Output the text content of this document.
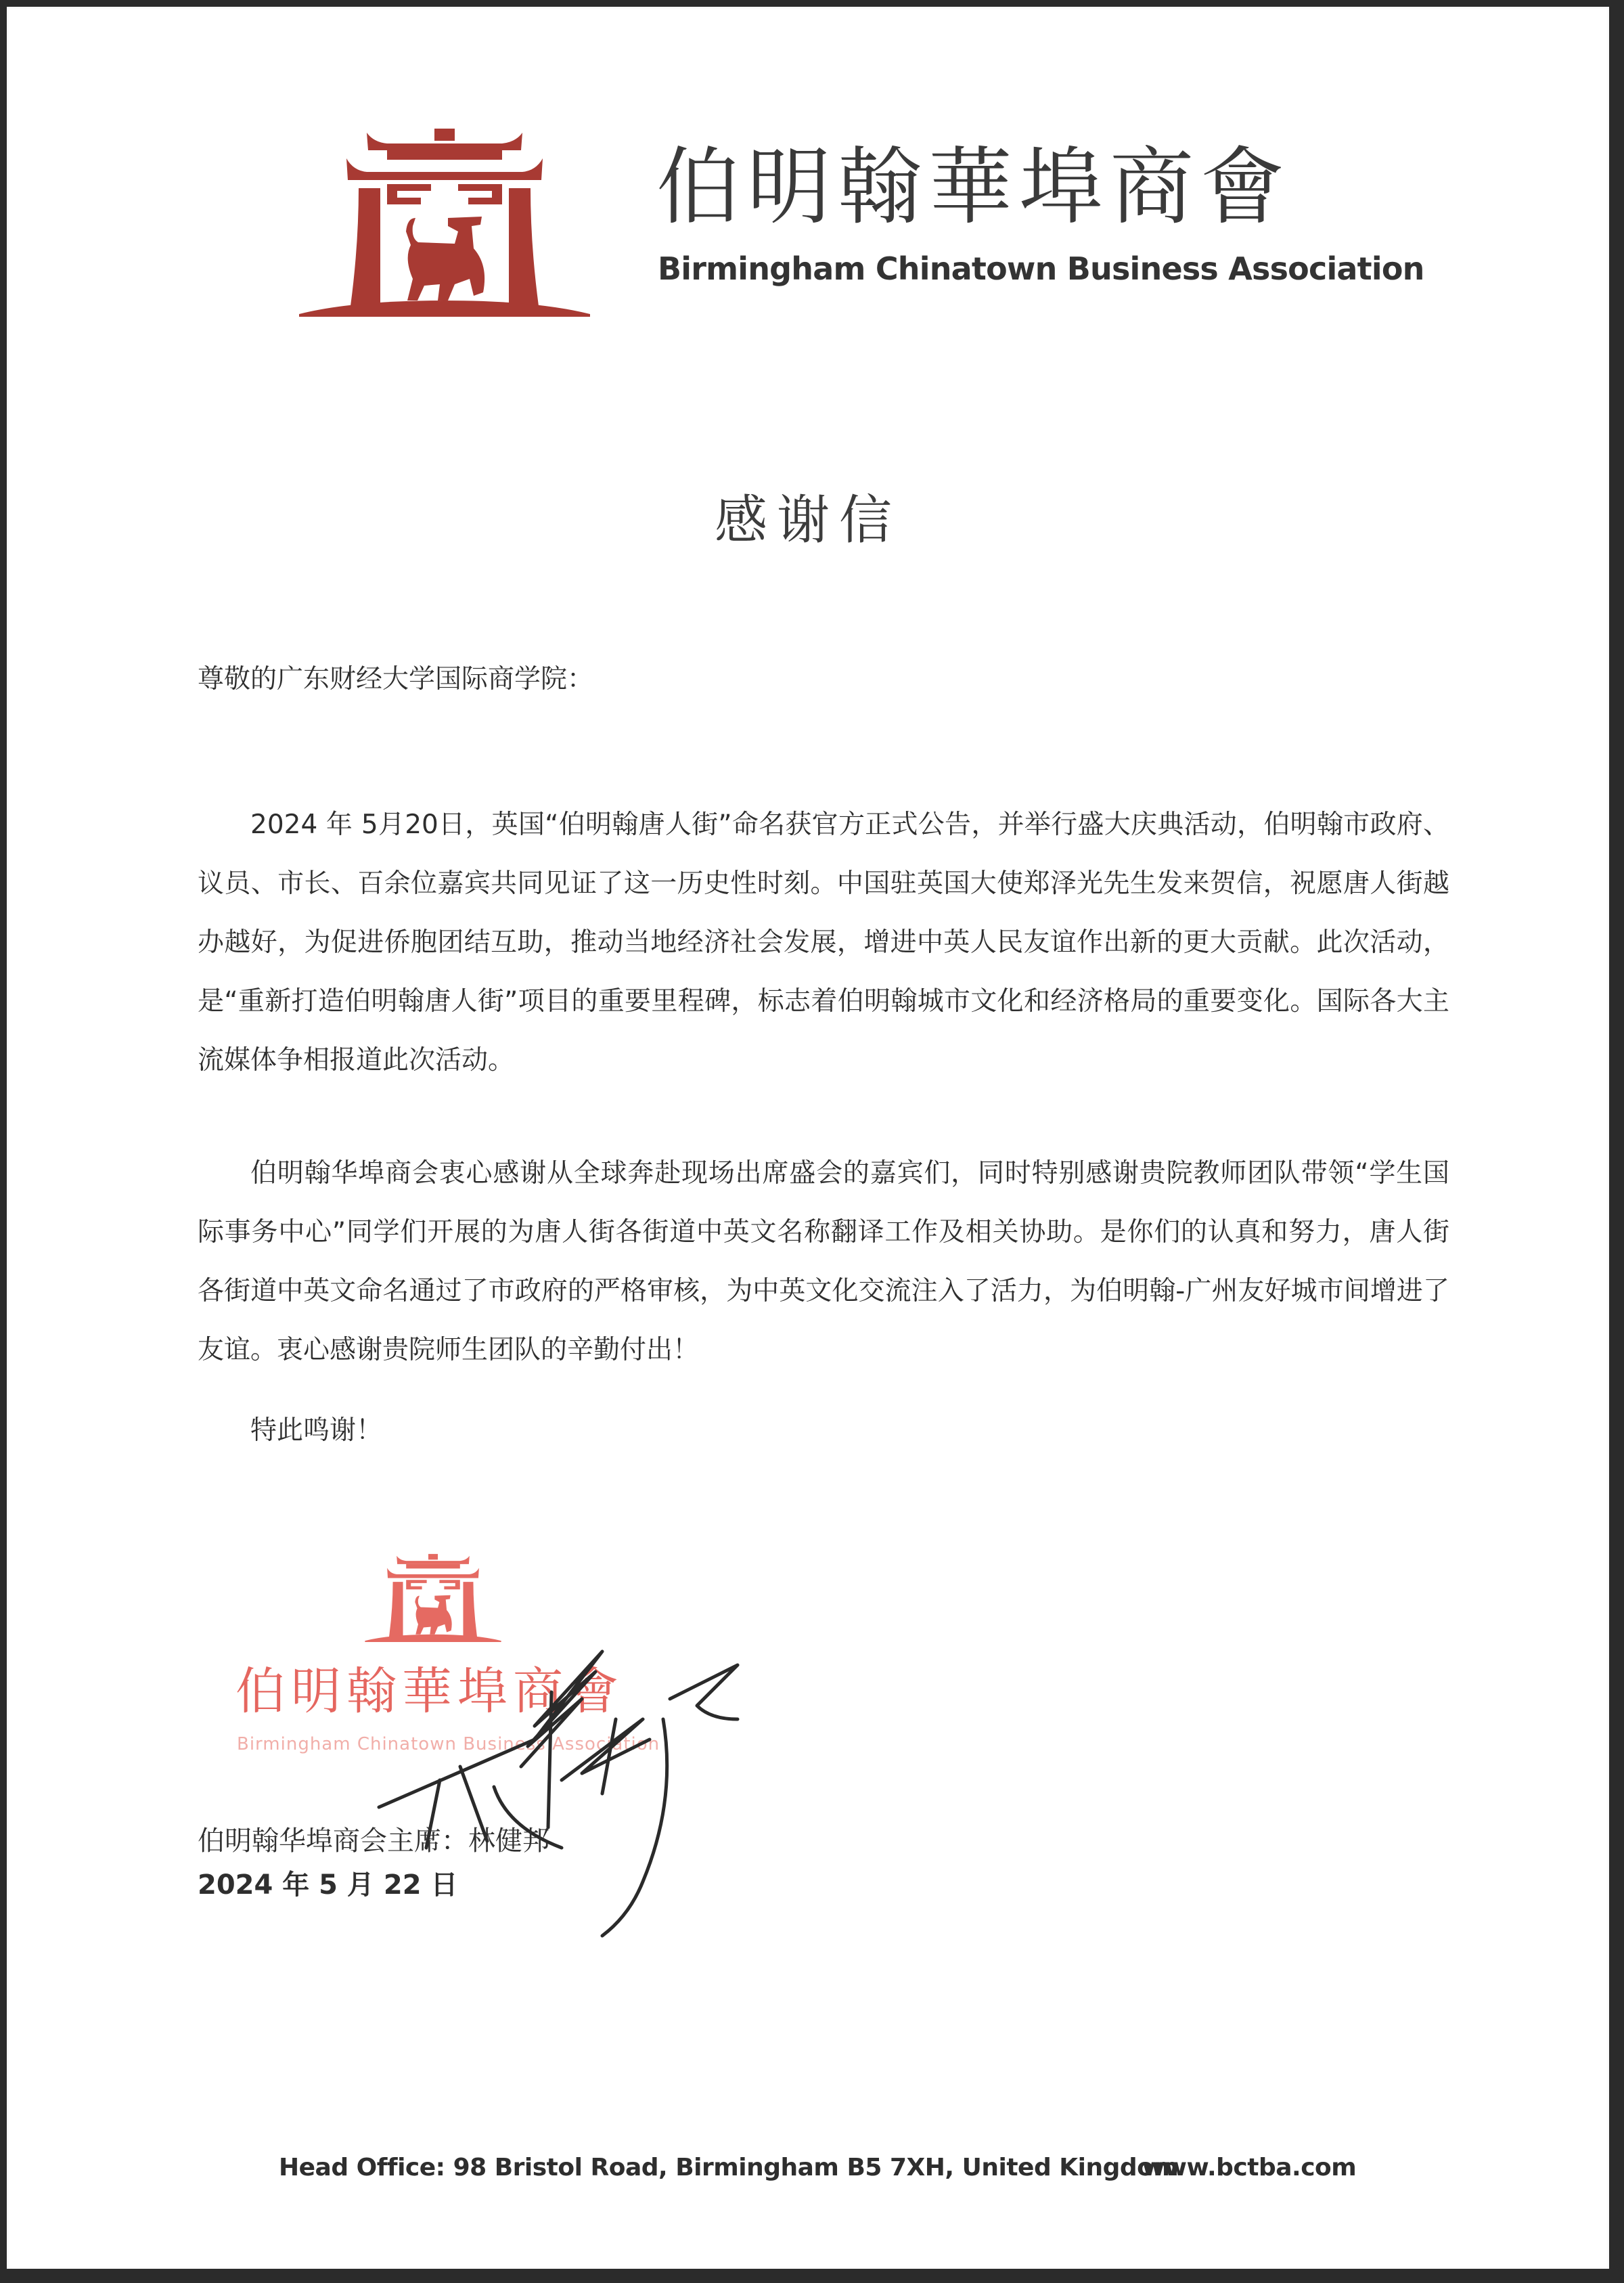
伯明翰華埠商會
Birmingham Chinatown Business Association
感谢信
尊敬的广东财经大学国际商学院：
2024 年 5月20日，英国“伯明翰唐人街”命名获官方正式公告，并举行盛大庆典活动，伯明翰市政府、议员、市长、百余位嘉宾共同见证了这一历史性时刻。中国驻英国大使郑泽光先生发来贺信，祝愿唐人街越办越好，为促进侨胞团结互助，推动当地经济社会发展，增进中英人民友谊作出新的更大贡献。此次活动，是“重新打造伯明翰唐人街”项目的重要里程碑，标志着伯明翰城市文化和经济格局的重要变化。国际各大主流媒体争相报道此次活动。
伯明翰华埠商会衷心感谢从全球奔赴现场出席盛会的嘉宾们，同时特别感谢贵院教师团队带领“学生国际事务中心”同学们开展的为唐人街各街道中英文名称翻译工作及相关协助。是你们的认真和努力，唐人街各街道中英文命名通过了市政府的严格审核，为中英文化交流注入了活力，为伯明翰-广州友好城市间增进了友谊。衷心感谢贵院师生团队的辛勤付出！
特此鸣谢！
伯明翰華埠商會
Birmingham Chinatown Business Association
伯明翰华埠商会主席：林健邦
2024 年 5 月 22 日
Head Office: 98 Bristol Road, Birmingham B5 7XH, United Kingdom
www.bctba.com
